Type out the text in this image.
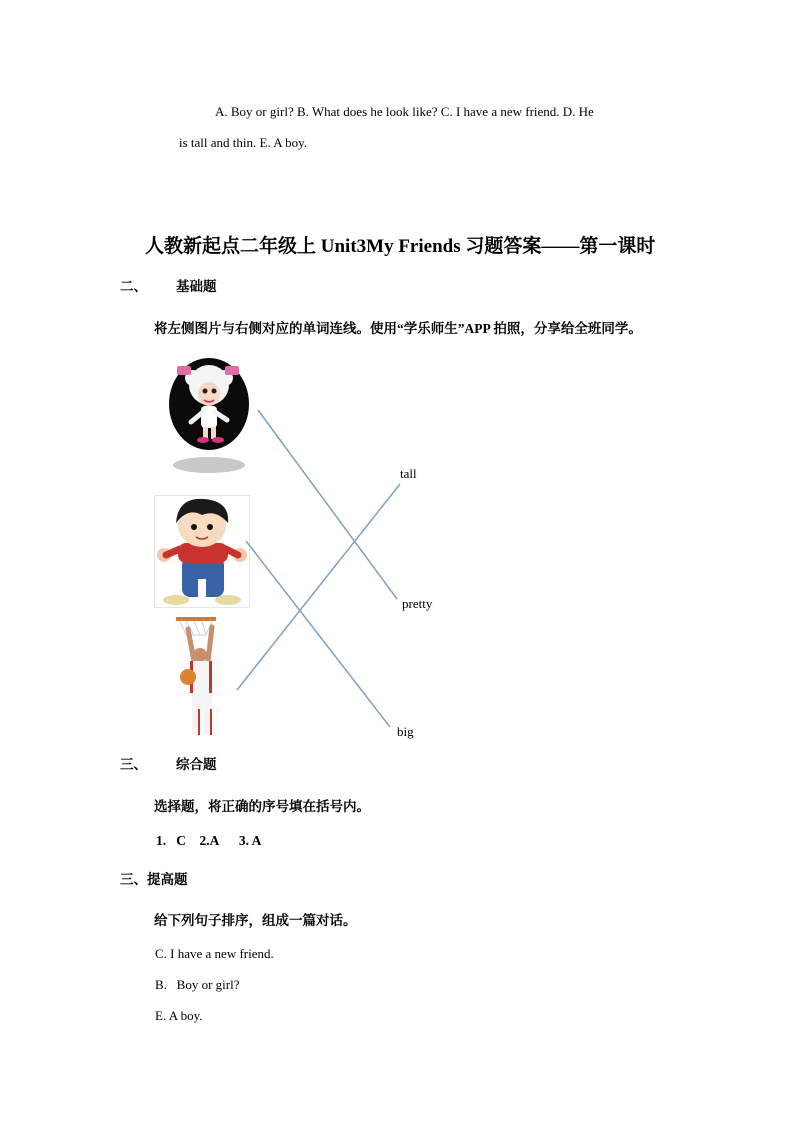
A. Boy or girl? B. What does he look like? C. I have a new friend. D. He
is tall and thin. E. A boy.
人教新起点二年级上 Unit3My Friends 习题答案——第一课时
二、 基础题
将左侧图片与右侧对应的单词连线。使用“学乐师生”APP 拍照，分享给全班同学。
tall
pretty
big
三、 综合题
选择题，将正确的序号填在括号内。
1.   C    2.A      3. A
三、提高题
给下列句子排序，组成一篇对话。
C. I have a new friend.
B.   Boy or girl?
E. A boy.
